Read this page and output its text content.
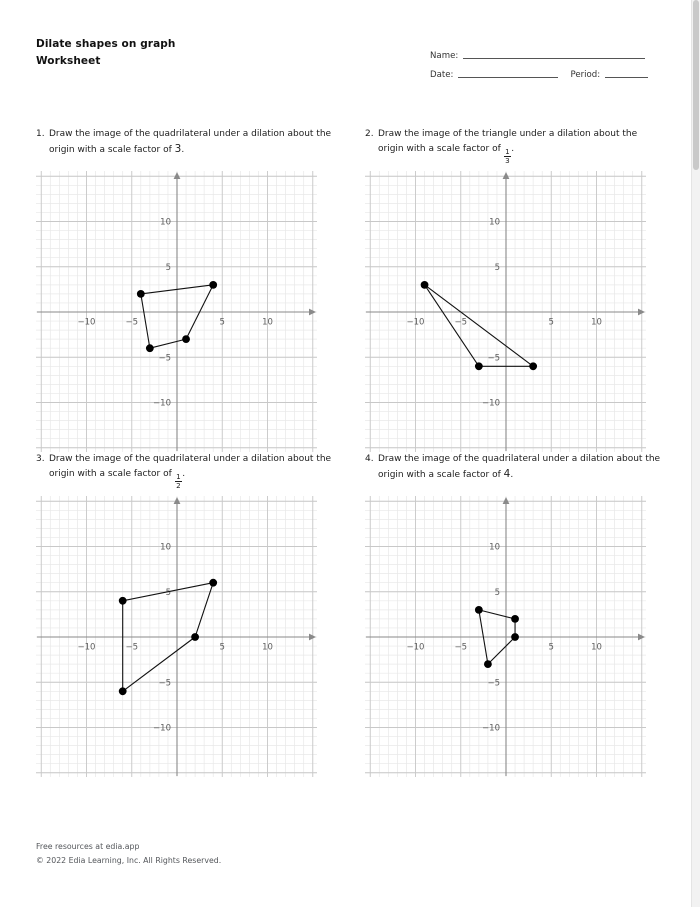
Dilate shapes on graph
Worksheet	Name:
Date:	Period:
1. Draw the image of the quadrilateral under a dilation about the origin with a scale factor of 3.
−10	−5	5	10
−10
−5
5
10
2. Draw the image of the triangle under a dilation about the origin with a scale factor of $\frac{1}{3}$ .
−10	−5	5	10
−10
−5
5
10
3. Draw the image of the quadrilateral under a dilation about the origin with a scale factor of $\frac{1}{2}$ .
−10	−5	5	10
−10
−5
5
10
4. Draw the image of the quadrilateral under a dilation about the origin with a scale factor of 4.
−10	−5	5	10
−10
−5
5
10
Free resources at edia.app
© 2022 Edia Learning, Inc. All Rights Reserved.
